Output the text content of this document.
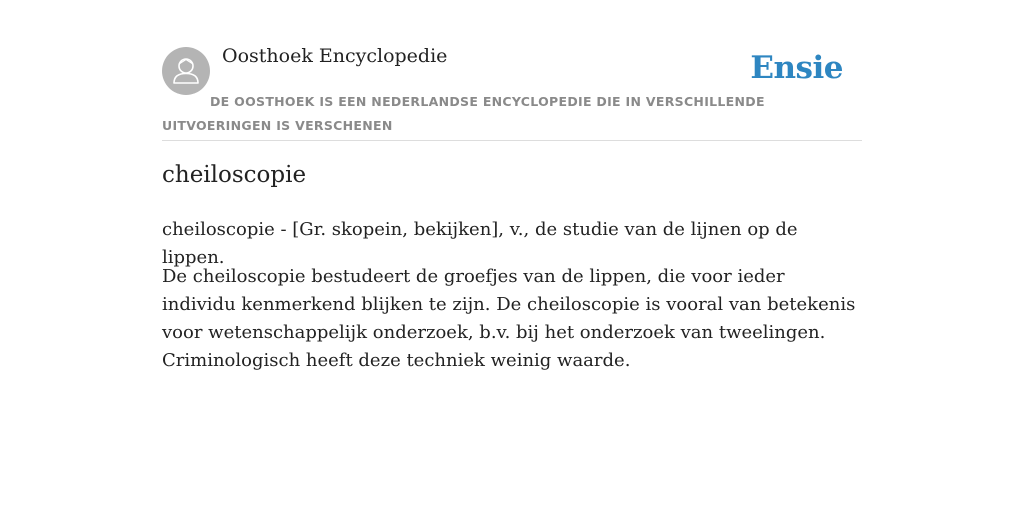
Oosthoek Encyclopedie	Ensie
DE OOSTHOEK IS EEN NEDERLANDSE ENCYCLOPEDIE DIE IN VERSCHILLENDE UITVOERINGEN IS VERSCHENEN
cheiloscopie

cheiloscopie - [Gr. skopein, bekijken], v., de studie van de lijnen op de lippen.

De cheiloscopie bestudeert de groefjes van de lippen, die voor ieder individu kenmerkend blijken te zijn. De cheiloscopie is vooral van betekenis voor wetenschappelijk onderzoek, b.v. bij het onderzoek van tweelingen. Criminologisch heeft deze techniek weinig waarde.
